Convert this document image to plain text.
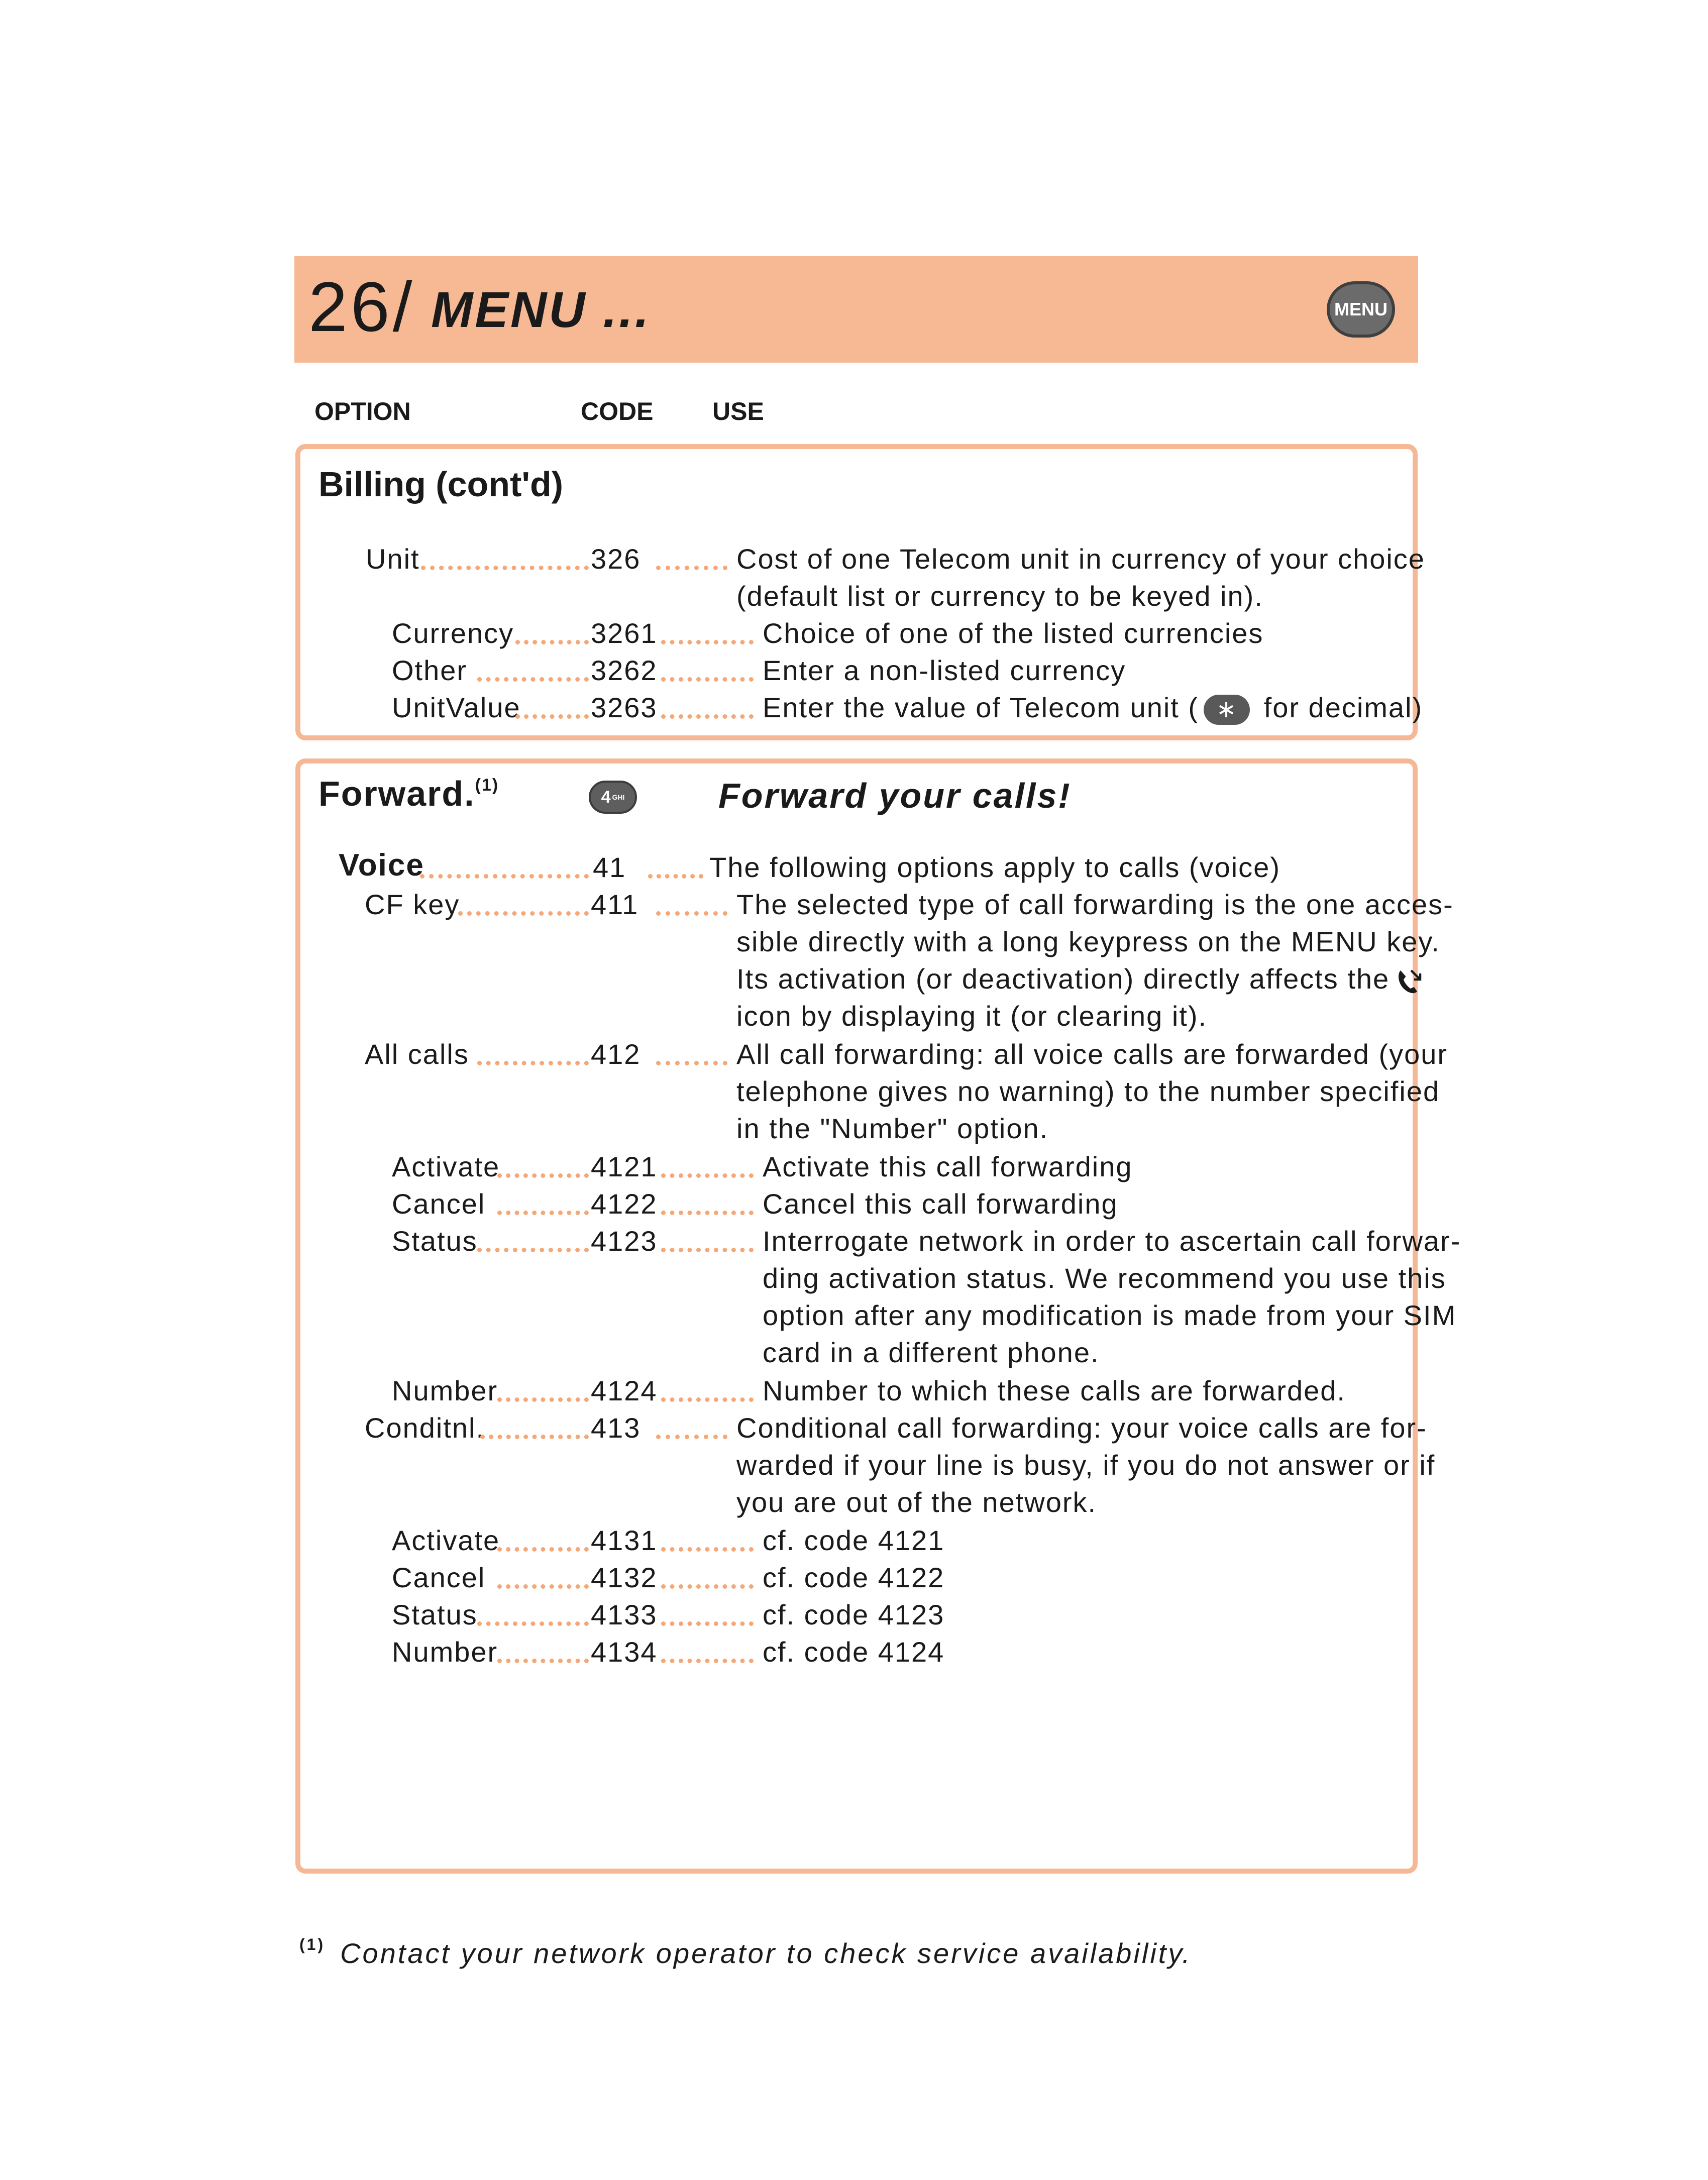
26/ MENU ...	MENU
OPTION	CODE USE
Billing (cont'd)
Unit	326	Cost of one Telecom unit in currency of your choice
(default list or currency to be keyed in).
Currency	3261	Choice of one of the listed currencies
Other	3262	Enter a non-listed currency
UnitValue 3263	Enter the value of Telecom unit ( ∗ for decimal)
Forward.$^{(1)}$
4 GHI	Forward your calls!
Voice	41	The following options apply to calls (voice)
CF key	411	The selected type of call forwarding is the one acces-
sible directly with a long keypress on the MENU key.
Its activation (or deactivation) directly affects the
icon by displaying it (or clearing it).
All calls	412	All call forwarding: all voice calls are forwarded (your
telephone gives no warning) to the number specified
in the "Number" option.
Activate	4121	Activate this call forwarding
Cancel	4122	Cancel this call forwarding
Status	4123	Interrogate network in order to ascertain call forwar-
ding activation status. We recommend you use this
option after any modification is made from your SIM
card in a different phone.
Number	4124	Number to which these calls are forwarded.
Conditnl.	413	Conditional call forwarding: your voice calls are for-
warded if your line is busy, if you do not answer or if
you are out of the network.
Activate	4131	cf. code 4121
Cancel	4132	cf. code 4122
Status	4133	cf. code 4123
Number	4134	cf. code 4124
$^{(1)}$ Contact your network operator to check service availability.
